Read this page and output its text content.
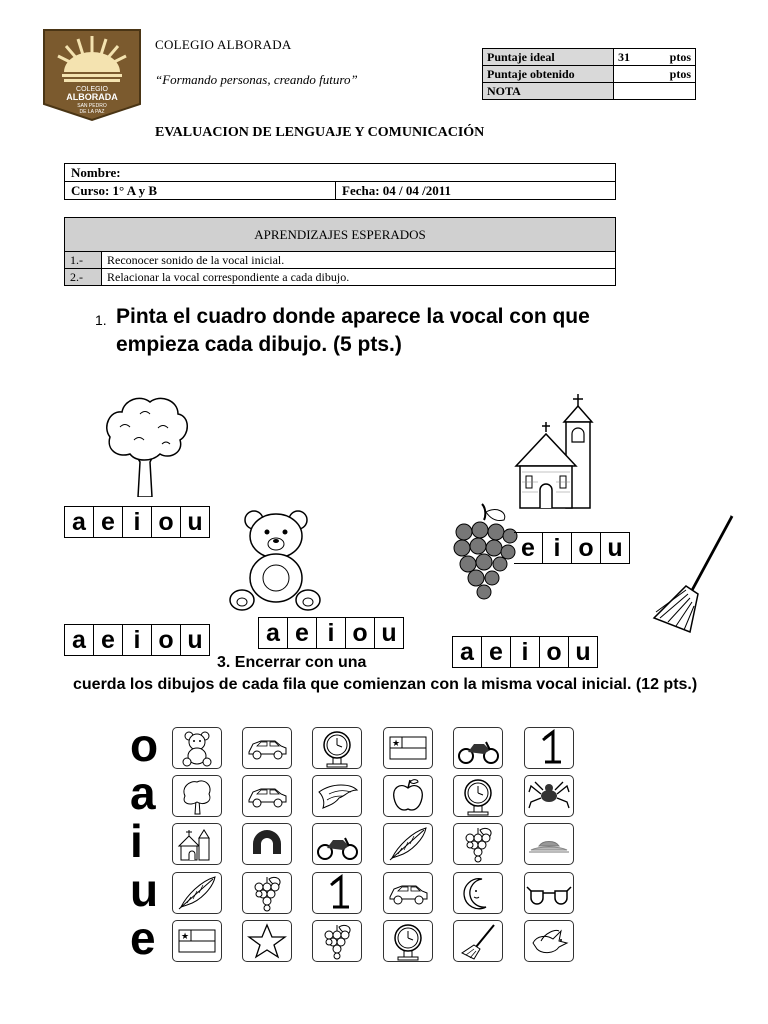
COLEGIO
ALBORADA
SAN PEDRO
DE LA PAZ
COLEGIO ALBORADA
“Formando personas, creando futuro”
Puntaje ideal	31 ptos

Puntaje obtenido	ptos

NOTA	
EVALUACION DE LENGUAJE Y COMUNICACIÓN
Nombre:
Curso: 1° A y B	Fecha: 04 / 04 /2011
APRENDIZAJES ESPERADOS	
1.-	Reconocer sonido de la vocal inicial.
2.-	Relacionar la vocal correspondiente a cada dibujo.
1. Pinta el cuadro donde aparece la vocal con que empieza cada dibujo. (5 pts.)
a e i o u
e i o u
a e i o u	a e i o u
a e i o u
3. Encerrar con una
cuerda los dibujos de cada fila que comienzan con la misma vocal inicial. (12 pts.)
o
a
i
u
e
